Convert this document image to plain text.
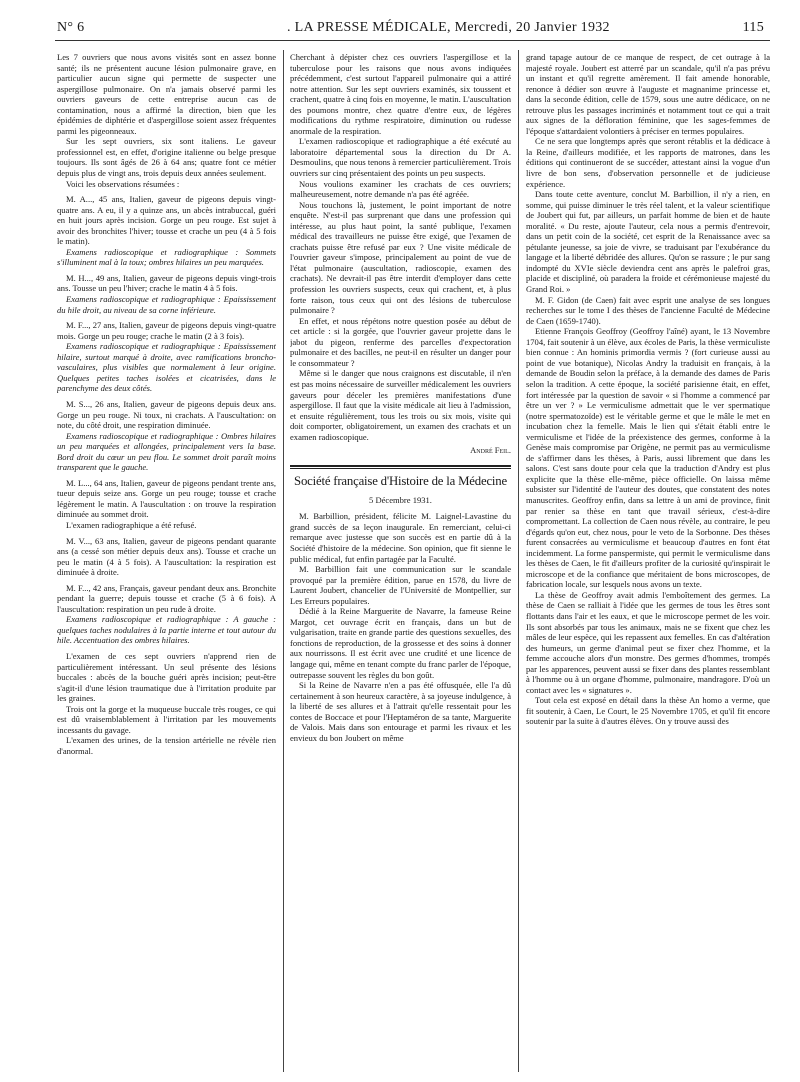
N° 6	. LA PRESSE MÉDICALE, Mercredi, 20 Janvier 1932	115

Les 7 ouvriers que nous avons visités sont en assez bonne santé; ils ne présentent aucune lésion pulmonaire grave, en particulier aucun signe qui permette de suspecter une aspergillose pulmonaire. On n'a jamais observé parmi les ouvriers gaveurs de cette entreprise aucun cas de contamination, nous a affirmé la direction, bien que les épidémies de diphtérie et d'aspergillose soient assez fréquentes parmi les pigeonneaux.

Sur les sept ouvriers, six sont italiens. Le gaveur professionnel est, en effet, d'origine italienne ou belge presque toujours. Ils sont âgés de 26 à 64 ans; quatre font ce métier depuis plus de vingt ans, trois depuis deux années seulement.

Voici les observations résumées :

M. A..., 45 ans, Italien, gaveur de pigeons depuis vingt-quatre ans. A eu, il y a quinze ans, un abcès intrabuccal, guéri en huit jours après incision. Gorge un peu rouge. Est sujet à avoir des bronchites l'hiver; tousse et crache un peu (4 à 5 fois le matin).

Examens radioscopique et radiographique : Sommets s'illuminent mal à la toux; ombres hilaires un peu marquées.

M. H..., 49 ans, Italien, gaveur de pigeons depuis vingt-trois ans. Tousse un peu l'hiver; crache le matin 4 à 5 fois.

Examens radioscopique et radiographique : Epaississement du hile droit, au niveau de sa corne inférieure.

M. F..., 27 ans, Italien, gaveur de pigeons depuis vingt-quatre mois. Gorge un peu rouge; crache le matin (2 à 3 fois).

Examens radioscopique et radiographique : Epaississement hilaire, surtout marqué à droite, avec ramifications broncho-vasculaires, plus visibles que normalement à leur origine. Quelques petites taches isolées et cicatrisées, dans le parenchyme des deux côtés.

M. S..., 26 ans, Italien, gaveur de pigeons depuis deux ans. Gorge un peu rouge. Ni toux, ni crachats. A l'auscultation: on note, du côté droit, une respiration diminuée.

Examens radioscopique et radiographique : Ombres hilaires un peu marquées et allongées, principalement vers la base. Bord droit du cœur un peu flou. Le sommet droit paraît moins transparent que le gauche.

M. L..., 64 ans, Italien, gaveur de pigeons pendant trente ans, tueur depuis seize ans. Gorge un peu rouge; tousse et crache légèrement le matin. A l'auscultation : on trouve la respiration diminuée au sommet droit.

L'examen radiographique a été refusé.

M. V..., 63 ans, Italien, gaveur de pigeons pendant quarante ans (a cessé son métier depuis deux ans). Tousse et crache un peu le matin (4 à 5 fois). A l'auscultation: la respiration est diminuée à droite.

M. F..., 42 ans, Français, gaveur pendant deux ans. Bronchite pendant la guerre; depuis tousse et crache (5 à 6 fois). A l'auscultation: respiration un peu rude à droite.

Examens radioscopique et radiographique : A gauche : quelques taches nodulaires à la partie interne et tout autour du hile. Accentuation des ombres hilaires.

L'examen de ces sept ouvriers n'apprend rien de particulièrement intéressant. Un seul présente des lésions buccales : abcès de la bouche guéri après incision; peut-être s'agit-il d'une lésion traumatique due à l'irritation produite par les graines.

Trois ont la gorge et la muqueuse buccale très rouges, ce qui est dû vraisemblablement à l'irritation par les mouvements incessants du gavage.

L'examen des urines, de la tension artérielle ne révèle rien d'anormal.

Cherchant à dépister chez ces ouvriers l'aspergillose et la tuberculose pour les raisons que nous avons indiquées précédemment, c'est surtout l'appareil pulmonaire qui a attiré notre attention. Sur les sept ouvriers examinés, six toussent et crachent, quatre à cinq fois en moyenne, le matin. L'auscultation des poumons montre, chez quatre d'entre eux, de légères modifications du rythme respiratoire, diminution ou rudesse anormale de la respiration.

L'examen radioscopique et radiographique a été exécuté au laboratoire départemental sous la direction du Dr A. Desmoulins, que nous tenons à remercier particulièrement. Trois ouvriers sur cinq présentaient des points un peu suspects.

Nous voulions examiner les crachats de ces ouvriers; malheureusement, notre demande n'a pas été agréée.

Nous touchons là, justement, le point important de notre enquête. N'est-il pas surprenant que dans une profession qui intéresse, au plus haut point, la santé publique, l'examen médical des travailleurs ne puisse être exigé, que l'examen de crachats puisse être refusé par eux ? Une visite médicale de l'ouvrier gaveur s'impose, principalement au point de vue de l'état pulmonaire (auscultation, radioscopie, examen des crachats). Ne devrait-il pas être interdit d'employer dans cette profession les ouvriers suspects, ceux qui crachent, et, à plus forte raison, tous ceux qui ont des lésions de tuberculose pulmonaire ?

En effet, et nous répétons notre question posée au début de cet article : si la gorgée, que l'ouvrier gaveur projette dans le jabot du pigeon, renferme des parcelles d'expectoration pulmonaire et des bacilles, ne peut-il en résulter un danger pour le consommateur ?

Même si le danger que nous craignons est discutable, il n'en est pas moins nécessaire de surveiller médicalement les ouvriers gaveurs pour déceler les premières manifestations d'une aspergillose. Il faut que la visite médicale ait lieu à l'admission, et ensuite régulièrement, tous les trois ou six mois, visite qui doit comporter, obligatoirement, un examen des crachats et un examen radioscopique.

André Feil.
Société française d'Histoire de la Médecine
5 Décembre 1931.

M. Barbillion, président, félicite M. Laignel-Lavastine du grand succès de sa leçon inaugurale. En remerciant, celui-ci remarque avec justesse que son succès est en partie dû à la Société d'histoire de la médecine. Son opinion, que fit sienne le public médical, fut enfin partagée par la Faculté.

M. Barbillion fait une communication sur le scandale provoqué par la première édition, parue en 1578, du livre de Laurent Joubert, chancelier de l'Université de Montpellier, sur Les Erreurs populaires.

Dédié à la Reine Marguerite de Navarre, la fameuse Reine Margot, cet ouvrage écrit en français, dans un but de vulgarisation, traite en grande partie des questions sexuelles, des fonctions de reproduction, de la grossesse et des soins à donner aux nourrissons. Il est écrit avec une crudité et une licence de langage qui, même en tenant compte du franc parler de l'époque, outrepasse souvent les règles du bon goût.

Si la Reine de Navarre n'en a pas été offusquée, elle l'a dû certainement à son heureux caractère, à sa joyeuse indulgence, à la liberté de ses allures et à l'attrait qu'elle ressentait pour les contes de Boccace et pour l'Heptaméron de sa tante, Marguerite de Valois. Mais dans son entourage et parmi les rivaux et les envieux du bon Joubert on même

grand tapage autour de ce manque de respect, de cet outrage à la majesté royale. Joubert est atterré par un scandale, qu'il n'a pas prévu un instant et qu'il regrette amèrement. Il fait amende honorable, renonce à dédier son œuvre à l'auguste et magnanime princesse et, dans la seconde édition, celle de 1579, sous une autre dédicace, on ne retrouve plus les passages incriminés et notamment tout ce qui a trait aux signes de la défloration féminine, que les sages-femmes de l'époque s'attardaient volontiers à préciser en termes populaires.

Ce ne sera que longtemps après que seront rétablis et la dédicace à la Reine, d'ailleurs modifiée, et les rapports de matrones, dans les éditions qui continueront de se succéder, attestant ainsi la vogue d'un livre de bon sens, d'observation personnelle et de judicieuse expérience.

Dans toute cette aventure, conclut M. Barbillion, il n'y a rien, en somme, qui puisse diminuer le très réel talent, et la valeur scientifique de Joubert qui fut, par ailleurs, un parfait homme de bien et de haute moralité. « Du reste, ajoute l'auteur, cela nous a permis d'entrevoir, dans un petit coin de la société, cet esprit de la Renaissance avec sa pétulante jeunesse, sa joie de vivre, se traduisant par l'exubérance du langage et la liberté débridée des allures. Qu'on se rassure ; le pur sang indompté du XVIe siècle deviendra cent ans après le palefroi gras, placide et discipliné, où paradera la froide et cérémonieuse majesté du Grand Roi. »

M. F. Gidon (de Caen) fait avec esprit une analyse de ses longues recherches sur le tome I des thèses de l'ancienne Faculté de Médecine de Caen (1659-1740).

Etienne François Geoffroy (Geoffroy l'aîné) ayant, le 13 Novembre 1704, fait soutenir à un élève, aux écoles de Paris, la thèse vermiculiste bien connue : An hominis primordia vermis ? (fort curieuse aussi au point de vue botanique), Nicolas Andry la traduisit en français, à la demande de Boudin selon la préface, à la demande des dames de Paris selon la tradition. A cette époque, la société parisienne était, en effet, fort intéressée par la question de savoir « si l'homme a commencé par être un ver ? » Le vermiculisme admettait que le ver spermatique (notre spermatozoïde) est le véritable germe et que le mâle le met en incubation chez la femelle. Mais le lien qui s'était établi entre le vermiculisme et l'idée de la préexistence des germes, conforme à la Genèse mais compromise par Origène, ne permit pas au vermiculisme de s'affirmer dans les thèses, à Paris, aussi librement que dans les salons. C'est sans doute pour cela que la traduction d'Andry est plus explicite que la thèse elle-même, pièce officielle. On laissa même subsister sur l'identité de l'auteur des doutes, que constatent des notes manuscrites. Geoffroy enfin, dans sa lettre à un ami de province, finit par renier sa thèse en tant que travail sérieux, c'est-à-dire compromettant. La collection de Caen nous révèle, au contraire, le peu d'égards qu'on eut, chez nous, pour le veto de la Sorbonne. Des thèses furent consacrées au vermiculisme et beaucoup d'autres en font état incidemment. La forme panspermiste, qui permit le vermiculisme dans les thèses de Caen, le fit d'ailleurs profiter de la curiosité qu'inspirait le microscope et de la confiance que méritaient de bons microscopes, de fabrication locale, sur lesquels nous avons un texte.

La thèse de Geoffroy avait admis l'emboîtement des germes. La thèse de Caen se ralliait à l'idée que les germes de tous les êtres sont flottants dans l'air et les eaux, et que le microscope permet de les voir. Ils sont absorbés par tous les animaux, mais ne se fixent que chez les mâles de leur espèce, qui les repassent aux femelles. En cas d'altération des humeurs, un germe d'animal peut se fixer chez l'homme, et la femme accouche alors d'un monstre. Des germes d'hommes, trompés par les apparences, peuvent aussi se fixer dans des plantes ressemblant à l'homme ou à un organe d'homme, pulmonaire, mandragore. D'où un contact avec les « signatures ».

Tout cela est exposé en détail dans la thèse An homo a verme, que fit soutenir, à Caen, Le Court, le 25 Novembre 1705, et qu'il fit encore soutenir par la suite à d'autres élèves. On y trouve aussi des
